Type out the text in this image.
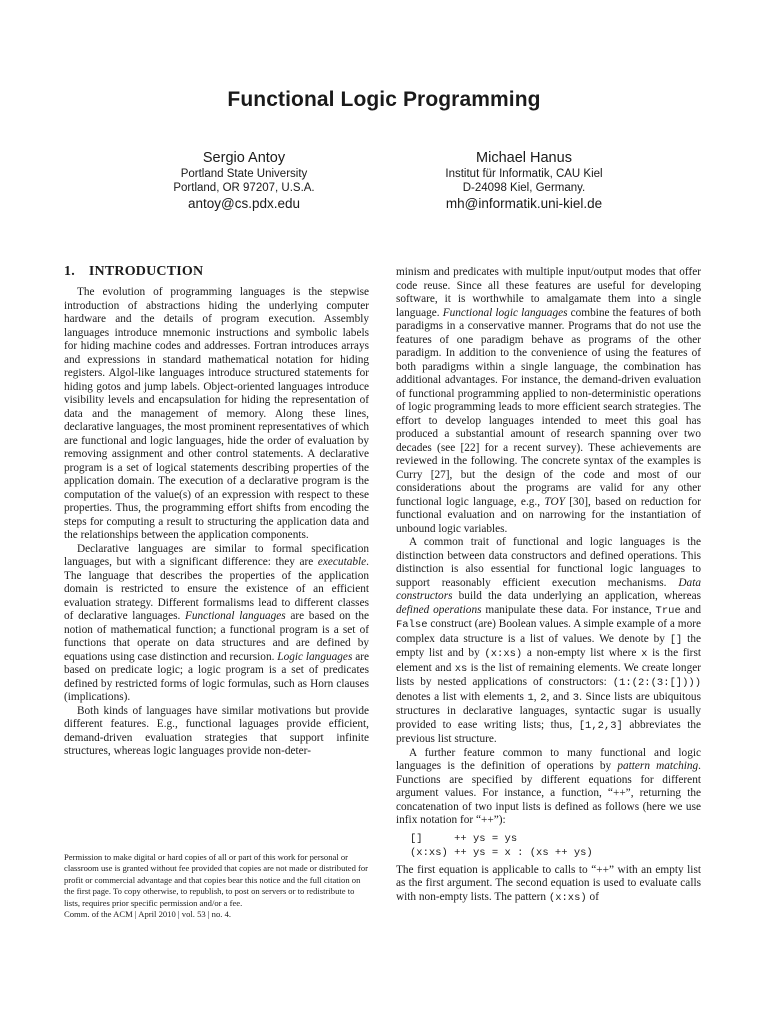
Functional Logic Programming
Sergio Antoy
Portland State University
Portland, OR 97207, U.S.A.
antoy@cs.pdx.edu
Michael Hanus
Institut für Informatik, CAU Kiel
D-24098 Kiel, Germany.
mh@informatik.uni-kiel.de
1. INTRODUCTION

The evolution of programming languages is the stepwise introduction of abstractions hiding the underlying computer hardware and the details of program execution. Assembly languages introduce mnemonic instructions and symbolic labels for hiding machine codes and addresses. Fortran introduces arrays and expressions in standard mathematical notation for hiding registers. Algol-like languages introduce structured statements for hiding gotos and jump labels. Object-oriented languages introduce visibility levels and encapsulation for hiding the representation of data and the management of memory. Along these lines, declarative languages, the most prominent representatives of which are functional and logic languages, hide the order of evaluation by removing assignment and other control statements. A declarative program is a set of logical statements describing properties of the application domain. The execution of a declarative program is the computation of the value(s) of an expression with respect to these properties. Thus, the programming effort shifts from encoding the steps for computing a result to structuring the application data and the relationships between the application components.

Declarative languages are similar to formal specification languages, but with a significant difference: they are executable. The language that describes the properties of the application domain is restricted to ensure the existence of an efficient evaluation strategy. Different formalisms lead to different classes of declarative languages. Functional languages are based on the notion of mathematical function; a functional program is a set of functions that operate on data structures and are defined by equations using case distinction and recursion. Logic languages are based on predicate logic; a logic program is a set of predicates defined by restricted forms of logic formulas, such as Horn clauses (implications).

Both kinds of languages have similar motivations but provide different features. E.g., functional laguages provide efficient, demand-driven evaluation strategies that support infinite structures, whereas logic languages provide non-deter-

minism and predicates with multiple input/output modes that offer code reuse. Since all these features are useful for developing software, it is worthwhile to amalgamate them into a single language. Functional logic languages combine the features of both paradigms in a conservative manner. Programs that do not use the features of one paradigm behave as programs of the other paradigm. In addition to the convenience of using the features of both paradigms within a single language, the combination has additional advantages. For instance, the demand-driven evaluation of functional programming applied to non-deterministic operations of logic programming leads to more efficient search strategies. The effort to develop languages intended to meet this goal has produced a substantial amount of research spanning over two decades (see [22] for a recent survey). These achievements are reviewed in the following. The concrete syntax of the examples is Curry [27], but the design of the code and most of our considerations about the programs are valid for any other functional logic language, e.g., TOY [30], based on reduction for functional evaluation and on narrowing for the instantiation of unbound logic variables.

A common trait of functional and logic languages is the distinction between data constructors and defined operations. This distinction is also essential for functional logic languages to support reasonably efficient execution mechanisms. Data constructors build the data underlying an application, whereas defined operations manipulate these data. For instance, True and False construct (are) Boolean values. A simple example of a more complex data structure is a list of values. We denote by [] the empty list and by (x:xs) a non-empty list where x is the first element and xs is the list of remaining elements. We create longer lists by nested applications of constructors: (1:(2:(3:[]))) denotes a list with elements 1, 2, and 3. Since lists are ubiquitous structures in declarative languages, syntactic sugar is usually provided to ease writing lists; thus, [1,2,3] abbreviates the previous list structure.

A further feature common to many functional and logic languages is the definition of operations by pattern matching. Functions are specified by different equations for different argument values. For instance, a function, “++”, returning the concatenation of two input lists is defined as follows (here we use infix notation for “++”):

[]     ++ ys = ys
(x:xs) ++ ys = x : (xs ++ ys)

The first equation is applicable to calls to “++” with an empty list as the first argument. The second equation is used to evaluate calls with non-empty lists. The pattern (x:xs) of

Permission to make digital or hard copies of all or part of this work for personal or classroom use is granted without fee provided that copies are not made or distributed for profit or commercial advantage and that copies bear this notice and the full citation on the first page. To copy otherwise, to republish, to post on servers or to redistribute to lists, requires prior specific permission and/or a fee.
Comm. of the ACM | April 2010 | vol. 53 | no. 4.
